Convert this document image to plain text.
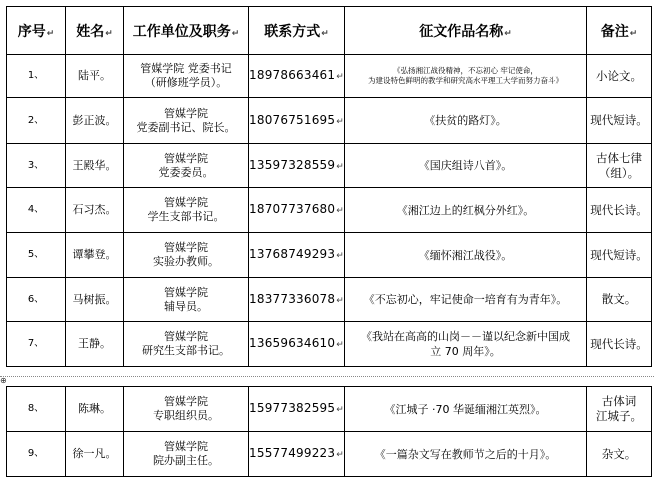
序号↵	姓名↵	工作单位及职务↵	联系方式↵	征文作品名称↵	备注↵
1、	陆平。	管媒学院 党委书记
（研修班学员）。	18978663461↵	《弘扬湘江战役精神，不忘初心 牢记使命，
为建设特色鲜明的教学和研究高水平理工大学而努力奋斗》	小论文。

2、	彭正波。	管媒学院
党委副书记、院长。	18076751695↵	《扶贫的路灯》。	现代短诗。

3、	王殿华。	管媒学院
党委委员。	13597328559↵	《国庆组诗八首》。	古体七律
（组）。

4、	石习杰。	管媒学院
学生支部书记。	18707737680↵	《湘江边上的红枫分外红》。	现代长诗。

5、	谭攀登。	管媒学院
实验办教师。	13768749293↵	《缅怀湘江战役》。	现代短诗。

6、	马树振。	管媒学院
辅导员。	18377336078↵	《不忘初心，牢记使命一培育有为青年》。	散文。

7、	王静。	管媒学院
研究生支部书记。	13659634610↵	《我站在高高的山岗－－谨以纪念新中国成
立 70 周年》。	现代长诗。
⊕
8、	陈琳。	管媒学院
专职组织员。	15977382595↵	《江城子 ·70 华诞缅湘江英烈》。	古体词
江城子。

9、	徐一凡。	管媒学院
院办副主任。	15577499223↵	《一篇杂文写在教师节之后的十月》。	杂文。
